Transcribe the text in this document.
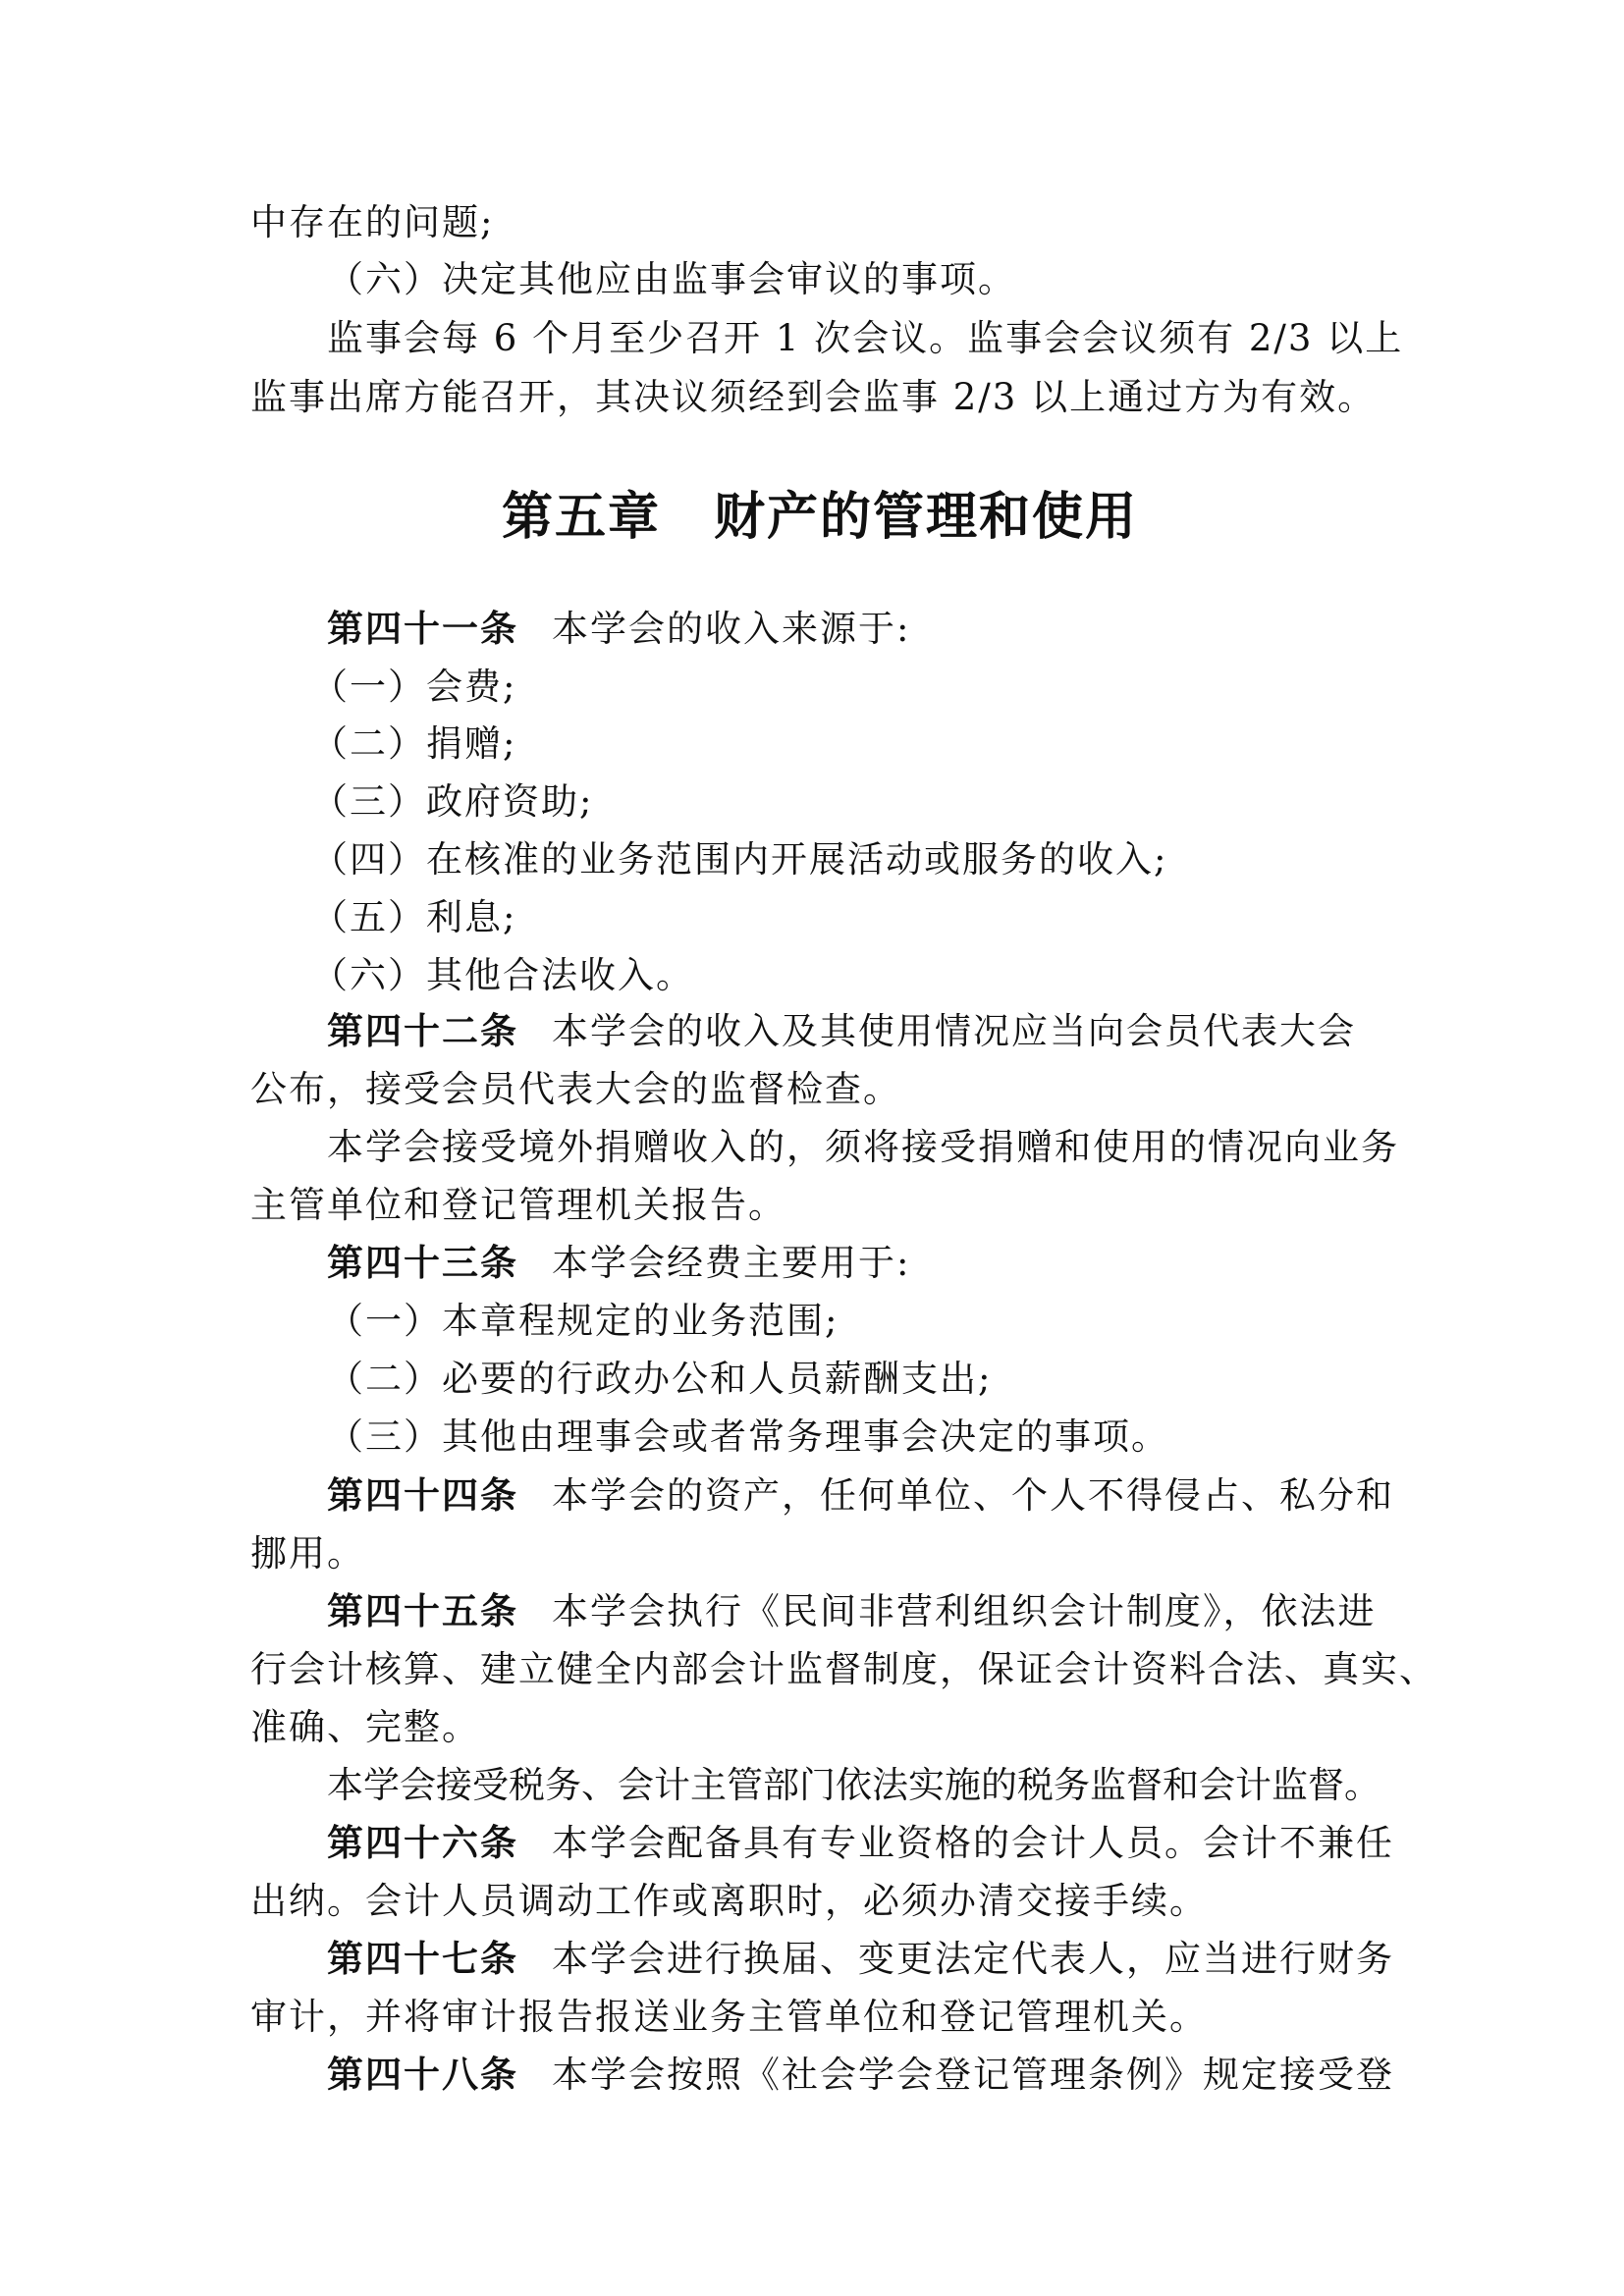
中存在的问题;
（六）决定其他应由监事会审议的事项。
监事会每 6 个月至少召开 1 次会议。监事会会议须有 2/3 以上
监事出席方能召开，其决议须经到会监事 2/3 以上通过方为有效。
第五章　财产的管理和使用
第四十一条 本学会的收入来源于:
（一）会费;
（二）捐赠;
（三）政府资助;
（四）在核准的业务范围内开展活动或服务的收入;
（五）利息;
（六）其他合法收入。
第四十二条 本学会的收入及其使用情况应当向会员代表大会
公布，接受会员代表大会的监督检查。
本学会接受境外捐赠收入的，须将接受捐赠和使用的情况向业务
主管单位和登记管理机关报告。
第四十三条 本学会经费主要用于:
（一）本章程规定的业务范围;
（二）必要的行政办公和人员薪酬支出;
（三）其他由理事会或者常务理事会决定的事项。
第四十四条 本学会的资产，任何单位、个人不得侵占、私分和
挪用。
第四十五条 本学会执行《民间非营利组织会计制度》，依法进
行会计核算、建立健全内部会计监督制度，保证会计资料合法、真实、
准确、完整。
本学会接受税务、会计主管部门依法实施的税务监督和会计监督。
第四十六条 本学会配备具有专业资格的会计人员。会计不兼任
出纳。会计人员调动工作或离职时，必须办清交接手续。
第四十七条 本学会进行换届、变更法定代表人，应当进行财务
审计，并将审计报告报送业务主管单位和登记管理机关。
第四十八条 本学会按照《社会学会登记管理条例》规定接受登
